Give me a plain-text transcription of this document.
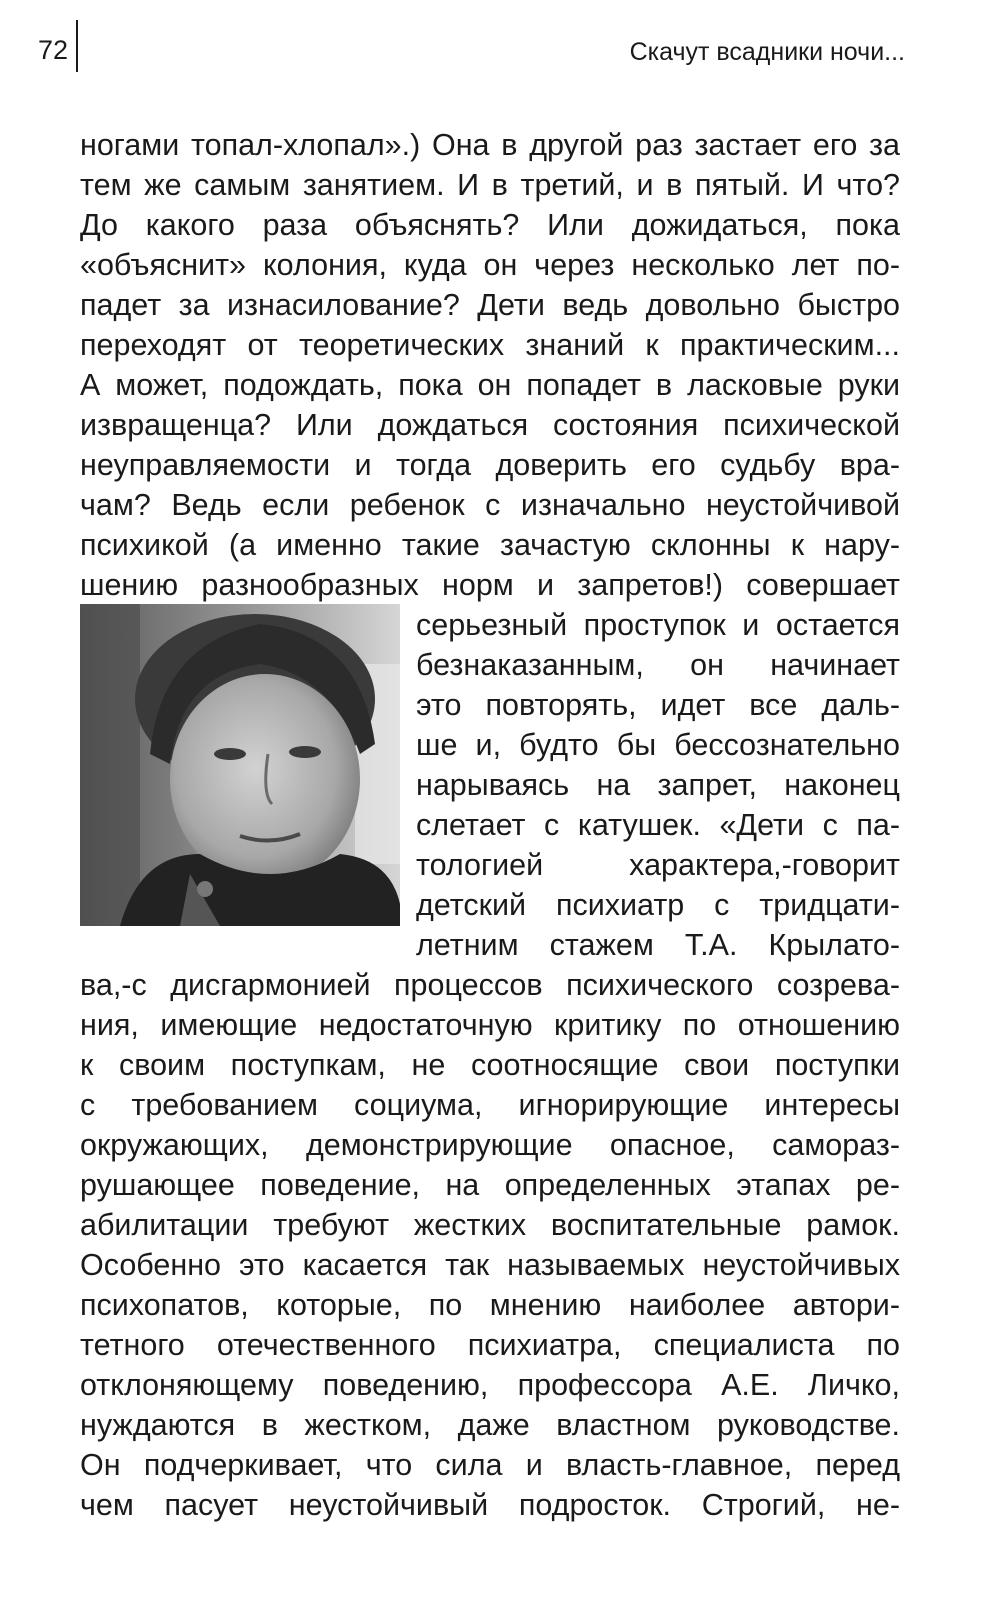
72	Скачут всадники ночи...
ногами топал-хлопал».) Она в другой раз застает его за
тем же самым занятием. И в третий, и в пятый. И что?
До какого раза объяснять? Или дожидаться, пока
«объяснит» колония, куда он через несколько лет по-
падет за изнасилование? Дети ведь довольно быстро
переходят от теоретических знаний к практическим...
А может, подождать, пока он попадет в ласковые руки
извращенца? Или дождаться состояния психической
неуправляемости и тогда доверить его судьбу вра-
чам? Ведь если ребенок с изначально неустойчивой
психикой (а именно такие зачастую склонны к нару-
шению разнообразных норм и запретов!) совершает
серьезный проступок и остается
безнаказанным, он начинает
это повторять, идет все даль-
ше и, будто бы бессознательно
нарываясь на запрет, наконец
слетает с катушек. «Дети с па-
тологией характера,-говорит
детский психиатр с тридцати-
летним стажем Т.А. Крылато-
ва,-с дисгармонией процессов психического созрева-
ния, имеющие недостаточную критику по отношению
к своим поступкам, не соотносящие свои поступки
с требованием социума, игнорирующие интересы
окружающих, демонстрирующие опасное, самораз-
рушающее поведение, на определенных этапах ре-
абилитации требуют жестких воспитательные рамок.
Особенно это касается так называемых неустойчивых
психопатов, которые, по мнению наиболее автори-
тетного отечественного психиатра, специалиста по
отклоняющему поведению, профессора А.Е. Личко,
нуждаются в жестком, даже властном руководстве.
Он подчеркивает, что сила и власть-главное, перед
чем пасует неустойчивый подросток. Строгий, не-
